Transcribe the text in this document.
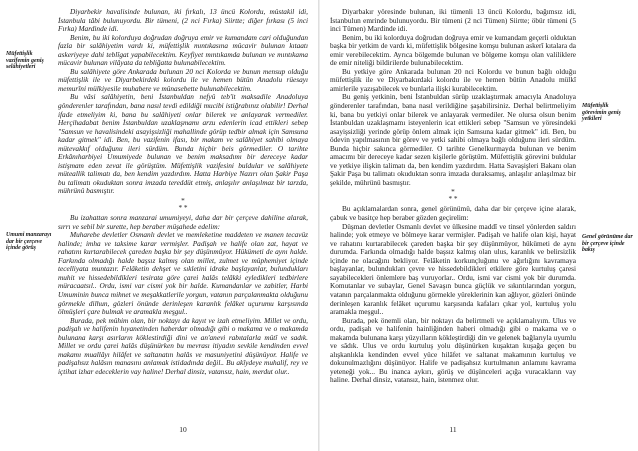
Müfettişlik vazifemin geniş selâhiyetleri
Umumi manzarayı dar bir çerçeve içinde görüş

Diyarbekir havalisinde bulunan, iki fırkalı, 13 üncü Kolordu, müstakil idi, İstanbula tâbi bulunuyordu. Bir tümeni, (2 nci Fırka) Siirtte; diğer fırkası (5 inci Fırka) Mardinde idi.

Benim, bu iki kolorduya doğrudan doğruya emir ve kumandam cari olduğundan fazla bir salâhiyetim vardı ki, müfettişlik mıntıkasına mücavir bulunan kıtaatı askeriyeye dahi teblîgat yapabilecektim. Keyfiyet mıntıkamda bulunan ve mıntıkama mücavir bulunan vilâyata da tebliğatta bulunabilecektim.

Bu salâhiyete göre Ankarada bulunan 20 nci Kolorda ve bunun mensup olduğu müfettişlik ile ve Diyarbekirdeki kolordu ile ve hemen bütün Anadolu rüesayı memurîni mülkiyesile muhabere ve münasebette bulunabilecektim.

Bu vâsi salâhiyetin, beni İstanbuldan nefyü teb'it maksadile Anadoluya gönderenler tarafından, bana nasıl tevdi edildiği mucibi istiğrabınız olabilir! Derhal ifade etmeliyim ki, bana bu salâhiyeti onlar bilerek ve anlayarak vermediler. Herçihadabat benim İstanbuldan uzaklaşmamı arzu edenlerin icad ettikleri sebep "Samsun ve havalisindeki asayişsizliği mahallinde görüp tedbir almak için Samsuna kadar gitmek" idi. Ben, bu vazifenin ifası, bir makam ve salâhiyet sahibi olmaya mütevakkıf olduğunu ileri sürdüm. Bunda hiçbir beis görmediler. O tarihte Erkânıharbiyei Umumiyede bulunan ve benim maksadımı bir dereceye kadar istişmam eden zevat ile görüştüm. Müfettişlik vazifesini buldular ve salâhiyete müteallik talimatı da, ben kendim yazdırdım. Hatta Harbiye Nazırı olan Şakir Paşa bu talimatı okuduktan sonra imzada tereddüt etmiş, anlaşılır anlaşılmaz bir tarzda, mührünü basmıştır.

*
* *

Bu izahattan sonra manzarai umumiyeyi, daha dar bir çerçeve dahiline alarak, sırrı ve sebil bir surette, hep beraber müşahede edelim:

Muharebe devletler Osmanlı devlet ve memleketine maddeten ve manen tecavüz halinde; imha ve taksime karar vermişler. Padişah ve halife olan zat, hayat ve rahatını kurtarabilecek çareden başka bir şey düşünmüyor. Hükümeti de aynı halde. Farkında olmadığı halde başsız kalmış olan millet, zulmet ve müphemiyet içinde tecelliyata muntazır. Felâketin dehşet ve sıkletini idrake başlayanlar, bulundukları muhit ve hissedebildikleri tesirata göre çarei halâs telâkki eyledikleri tedbirlere müracaatsıl.. Ordu, ismi var cismi yok bir halde. Kumandanlar ve zabitler, Harbi Umuminin bunca mihnet ve meşakkatlerile yorgun, vatanın parçalanmakta olduğunu görmekle dilhun, gözleri önünde derinleşen karanlık felâket uçurumu karşısında ölmüşleri çare bulmak ve aramakla meşgul..

Burada, pek mühim olan, bir noktayı da kayıt ve izah etmeliyim. Millet ve ordu, padişah ve halifenin hıyanetinden haberdar olmadığı gibi o makama ve o makamda bulunana karşı asırların köklestirdiği dini ve an'anevi rabıtalarla mütî ve sadık. Millet ve ordu çarei halâs düşünürken bu mevrası itiyadın sevkile kendinden evvel makamı muallâyı hilâfet ve saltanatın halâs ve masuniyetini düşünüyor. Halife ve padişahsız halâsın manasını anlamak istidadında değil.. Bu akîydeye muhalif, rey ve içtihat izhar edeceklerin vay haline! Derhal dinsiz, vatansız, hain, merdut olur..

10
Müfettişlik görevimin geniş yetkileri
Genel görünüme dar bir çerçeve içinde bakış

Diyarbakır yöresinde bulunan, iki tümenli 13 üncü Kolordu, bağımsız idi, İstanbulun emrinde bulunuyordu. Bir tümeni (2 nci Tümen) Siirtte; öbür tümeni (5 inci Tümen) Mardinde idi.

Benim, bu iki kolorduya doğrudan doğruya emir ve kumandam geçerli olduktan başka bir yetkim de vardı ki, müfettişlik bölgesine komşu bulunan askerî kıtalara da emir verebilecektim. Ayrıca bölgemde bulunan ve bölgeme komşu olan valiliklere de emir niteliği bildirilerde bulunabilecektim.

Bu yetkiye göre Ankarada bulunan 20 nci Kolordu ve bunun bağlı olduğu müfettişlik ile ve Diyarbakırdaki kolordu ile ve hemen bütün Anadolu mülkî amirlerile yazışabilecek ve bunlarla ilişki kurabilecektim.

Bu geniş yetkinin, beni İstanbuldan sürüp uzaklaştırmak amacıyla Anadoluya gönderenler tarafından, bana nasıl verildiğine şaşabilirsiniz. Derhal belirtmeliyim ki, bana bu yetkiyi onlar bilerek ve anlayarak vermediler. Ne olursa olsun benim İstanbuldan uzaklaşmamı isteyenlerin icat ettikleri sebep "Samsun ve yöresindeki asayişsizliği yerinde görüp önlem almak için Samsuna kadar gitmek" idi. Ben, bu ödevin yapılmasının bir görev ve yetki sahibi olmaya bağlı olduğunu ileri sürdüm. Bunda hiçbir sakınca görmediler. O tarihte Genelkurmayda bulunan ve benim amacımı bir dereceye kadar sezen kişilerle görüştüm. Müfettişlik görevini buldular ve yetkiye ilişkin talimatı da, ben kendim yazdırdım. Hatta Savaşişleri Bakanı olan Şakir Paşa bu talimatı okuduktan sonra imzada duraksamış, anlaşılır anlaşılmaz bir şekilde, mührünü basmıştır.

*
* *

Bu açıklamalardan sonra, genel görünümü, daha dar bir çerçeve içine alarak, çabuk ve basitçe hep beraber gözden geçirelim:

Düşman devletler Osmanlı devlet ve ülkesine maddî ve tinsel yönlerden saldırı halinde; yok etmeye ve bölmeye karar vermişler. Padişah ve halife olan kişi, hayat ve rahatını kurtarabilecek çareden başka bir şey düşünmüyor, hükümeti de aynı durumda. Farkında olmadığı halde başsız kalmış olan ulus, karanlık ve belirsizlik içinde ne olacağını bekliyor. Felâketin korkunçluğunu ve ağırlığını kavramaya başlayanlar, bulundukları çevre ve hissedebildikleri etkilere göre kurtuluş çaresi sayabilecekleri önlemlere baş vuruyorlar.. Ordu, ismi var cismi yok bir durumda. Komutanlar ve subaylar, Genel Savaşın bunca güçlük ve sıkıntılarından yorgun, vatanın parçalanmakta olduğunu görmekle yüreklerinin kan ağlıyor, gözleri önünde derinleşen karanlık felâket uçurumu karşısında kafaları çıkar yol, kurtuluş yolu aramakla meşgul..

Burada, pek önemli olan, bir noktayı da belirtmeli ve açıklamalıyım. Ulus ve ordu, padişah ve halifenin hainliğinden haberi olmadığı gibi o makama ve o makamda bulunana karşı yüzyılların kökleştirdiği din ve gelenek bağlarıyla uyumlu ve sâdık. Ulus ve ordu kurtuluş yolu düşünürken kuşaktan kuşağa geçen bu alışkanlıkla kendinden evvel yüce hilâfet ve saltanat makamının kurtuluş ve dokunulmazlığını düşünüyor. Halife ve padişahsız kurtulmanın anlamını kavrama yeteneği yok... Bu inanca aykırı, görüş ve düşünceleri açığa vuracakların vay haline. Derhal dinsiz, vatansız, hain, istenmez olur.

11
